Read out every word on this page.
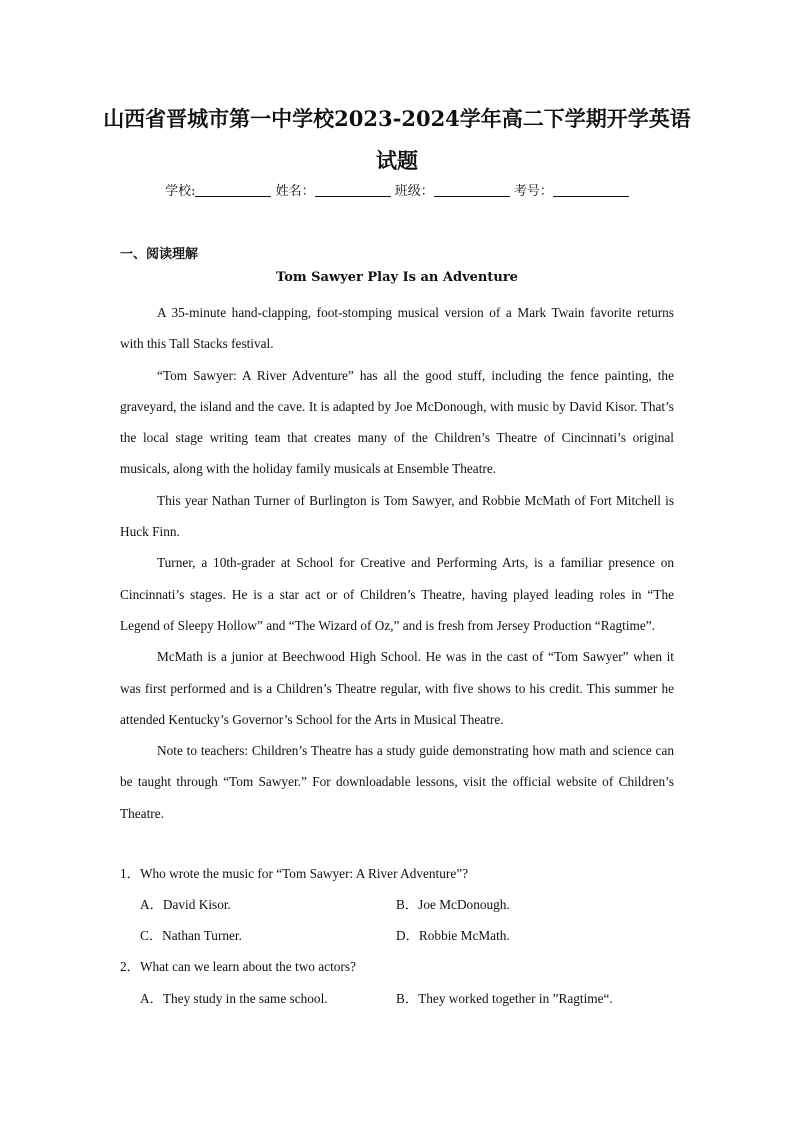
山西省晋城市第一中学校2023-2024学年高二下学期开学英语
试题
学校:	姓名：	班级：	考号：
一、阅读理解
Tom Sawyer Play Is an Adventure

A 35-minute hand-clapping, foot-stomping musical version of a Mark Twain favorite returns with this Tall Stacks festival.

“Tom Sawyer: A River Adventure” has all the good stuff, including the fence painting, the graveyard, the island and the cave. It is adapted by Joe McDonough, with music by David Kisor. That’s the local stage writing team that creates many of the Children’s Theatre of Cincinnati’s original musicals, along with the holiday family musicals at Ensemble Theatre.

This year Nathan Turner of Burlington is Tom Sawyer, and Robbie McMath of Fort Mitchell is Huck Finn.

Turner, a 10th-grader at School for Creative and Performing Arts, is a familiar presence on Cincinnati’s stages. He is a star act or of Children’s Theatre, having played leading roles in “The Legend of Sleepy Hollow” and “The Wizard of Oz,” and is fresh from Jersey Production “Ragtime”.

McMath is a junior at Beechwood High School. He was in the cast of “Tom Sawyer” when it was first performed and is a Children’s Theatre regular, with five shows to his credit. This summer he attended Kentucky’s Governor’s School for the Arts in Musical Theatre.

Note to teachers: Children’s Theatre has a study guide demonstrating how math and science can be taught through “Tom Sawyer.” For downloadable lessons, visit the official website of Children’s Theatre.

1．Who wrote the music for “Tom Sawyer: A River Adventure”?
A．David Kisor.	B．Joe McDonough.
C．Nathan Turner.	D．Robbie McMath.
2．What can we learn about the two actors?
A．They study in the same school.	B．They worked together in ”Ragtime“.
